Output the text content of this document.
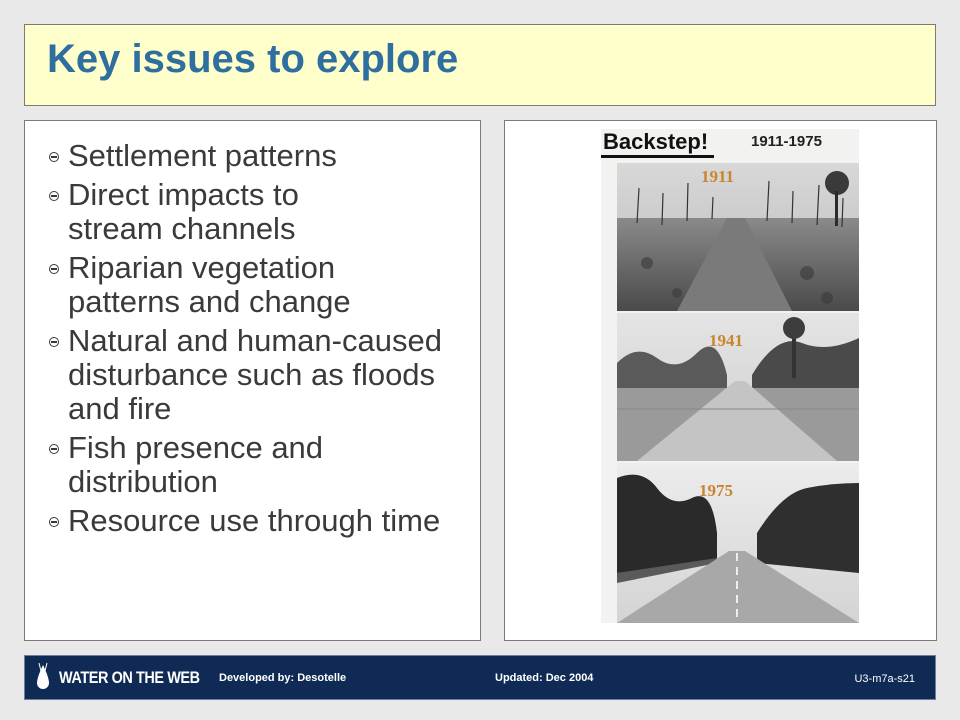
Key issues to explore
Settlement patterns
Direct impacts to stream channels
Riparian vegetation patterns and change
Natural and human-caused disturbance such as floods and fire
Fish presence and distribution
Resource use through time
Backstep!	1911-1975
1911
1941
1975
WATER ON THE WEB Developed by: Desotelle	Updated: Dec 2004	U3-m7a-s21
